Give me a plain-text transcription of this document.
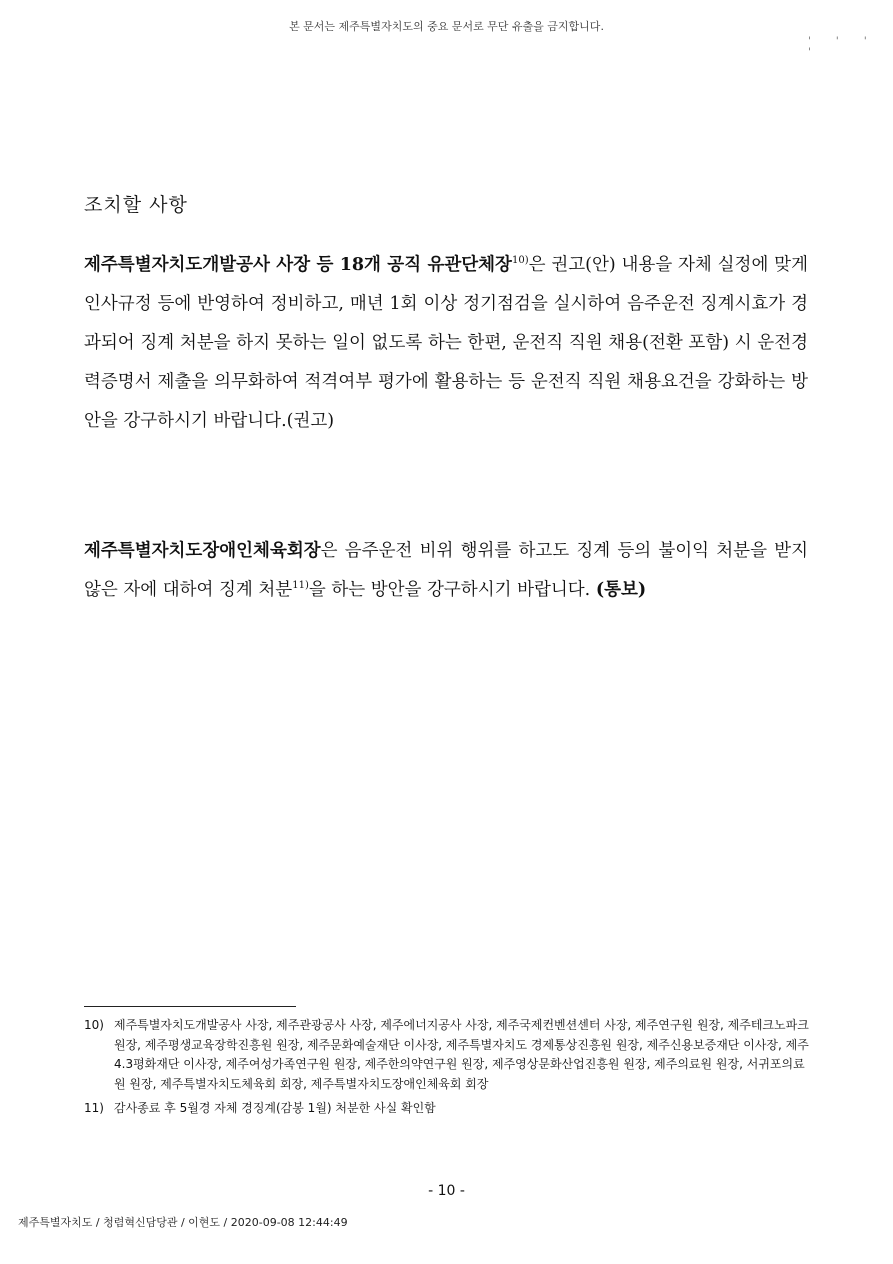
본 문서는 제주특별자치도의 중요 문서로 무단 유출을 금지합니다.
' ' ' '
조치할 사항
제주특별자치도개발공사 사장 등 18개 공직 유관단체장$^{10)}$은 권고(안) 내용을 자체 실정에 맞게 인사규정 등에 반영하여 정비하고, 매년 1회 이상 정기점검을 실시하여 음주운전 징계시효가 경과되어 징계 처분을 하지 못하는 일이 없도록 하는 한편, 운전직 직원 채용(전환 포함) 시 운전경력증명서 제출을 의무화하여 적격여부 평가에 활용하는 등 운전직 직원 채용요건을 강화하는 방안을 강구하시기 바랍니다.(권고)
제주특별자치도장애인체육회장은 음주운전 비위 행위를 하고도 징계 등의 불이익 처분을 받지 않은 자에 대하여 징계 처분$^{11)}$을 하는 방안을 강구하시기 바랍니다. (통보)
10) 제주특별자치도개발공사 사장, 제주관광공사 사장, 제주에너지공사 사장, 제주국제컨벤션센터 사장, 제주연구원 원장, 제주테크노파크 원장, 제주평생교육장학진흥원 원장, 제주문화예술재단 이사장, 제주특별자치도 경제통상진흥원 원장, 제주신용보증재단 이사장, 제주4.3평화재단 이사장, 제주여성가족연구원 원장, 제주한의약연구원 원장, 제주영상문화산업진흥원 원장, 제주의료원 원장, 서귀포의료원 원장, 제주특별자치도체육회 회장, 제주특별자치도장애인체육회 회장
11) 감사종료 후 5월경 자체 경징계(감봉 1월) 처분한 사실 확인함
- 10 -
제주특별자치도 / 청렴혁신담당관 / 이현도 / 2020-09-08 12:44:49
